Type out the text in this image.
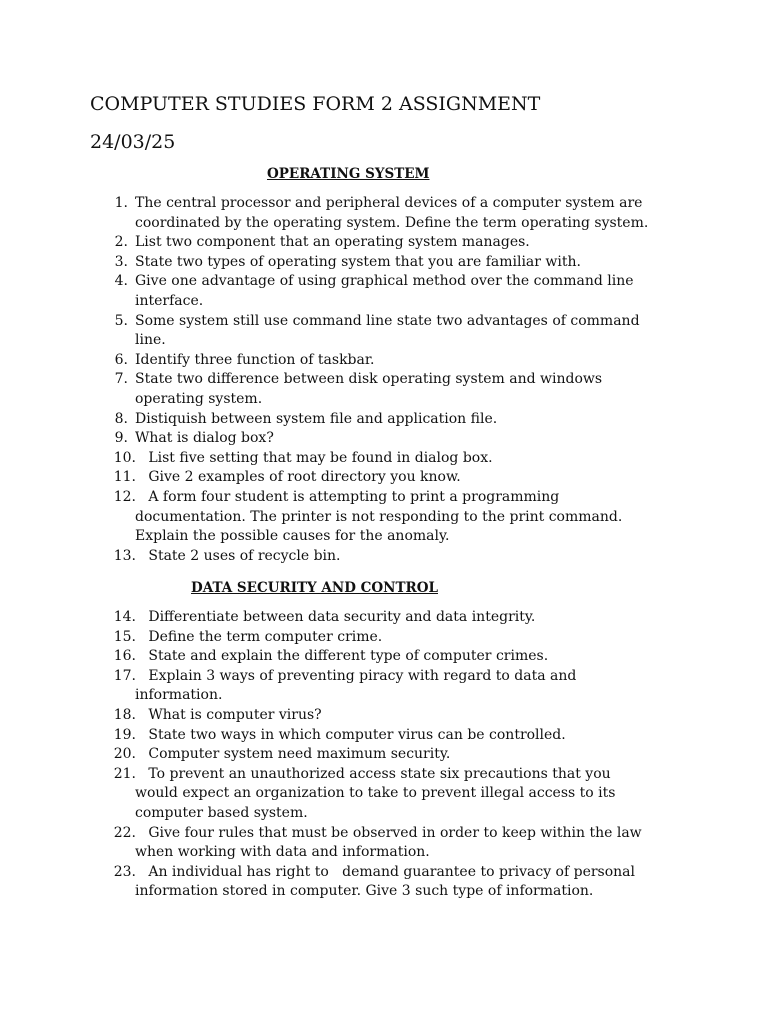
COMPUTER STUDIES FORM 2 ASSIGNMENT
24/03/25
OPERATING SYSTEM
1. The central processor and peripheral devices of a computer system are
coordinated by the operating system. Define the term operating system.
2. List two component that an operating system manages.
3. State two types of operating system that you are familiar with.
4. Give one advantage of using graphical method over the command line
interface.
5. Some system still use command line state two advantages of command
line.
6. Identify three function of taskbar.
7. State two difference between disk operating system and windows
operating system.
8. Distiquish between system file and application file.
9. What is dialog box?
10. List five setting that may be found in dialog box.
11. Give 2 examples of root directory you know.
12. A form four student is attempting to print a programming
documentation. The printer is not responding to the print command.
Explain the possible causes for the anomaly.
13. State 2 uses of recycle bin.
DATA SECURITY AND CONTROL
14. Differentiate between data security and data integrity.
15. Define the term computer crime.
16. State and explain the different type of computer crimes.
17. Explain 3 ways of preventing piracy with regard to data and
information.
18. What is computer virus?
19. State two ways in which computer virus can be controlled.
20. Computer system need maximum security.
21. To prevent an unauthorized access state six precautions that you
would expect an organization to take to prevent illegal access to its
computer based system.
22. Give four rules that must be observed in order to keep within the law
when working with data and information.
23. An individual has right to   demand guarantee to privacy of personal
information stored in computer. Give 3 such type of information.
